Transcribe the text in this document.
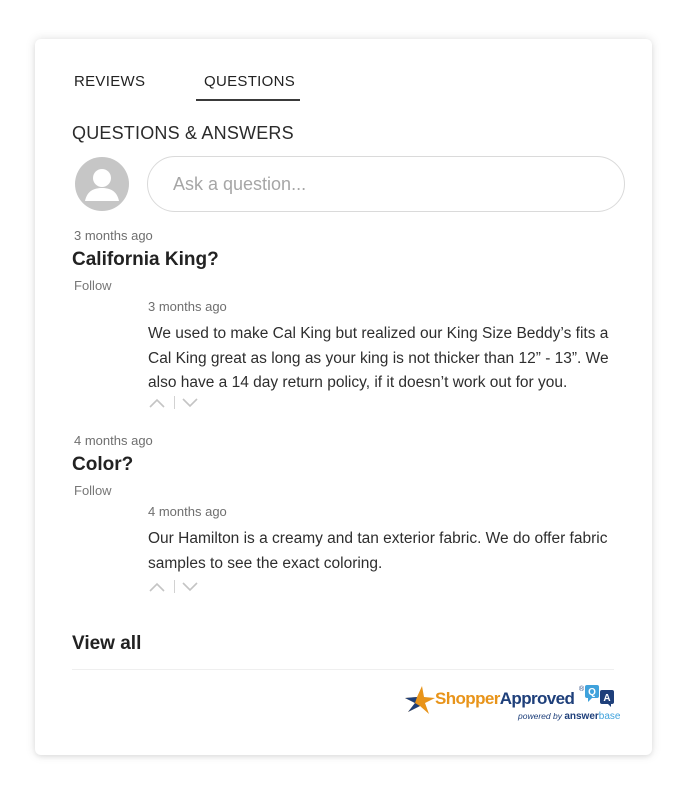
REVIEWS	QUESTIONS
QUESTIONS & ANSWERS
Ask a question...
3 months ago
California King?
Follow
3 months ago
We used to make Cal King but realized our King Size Beddy’s fits a Cal King great as long as your king is not thicker than 12” - 13”. We also have a 14 day return policy, if it doesn’t work out for you.
4 months ago
Color?
Follow
4 months ago
Our Hamilton is a creamy and tan exterior fabric. We do offer fabric samples to see the exact coloring.
View all
ShopperApproved ® Q
A
powered by answerbase
